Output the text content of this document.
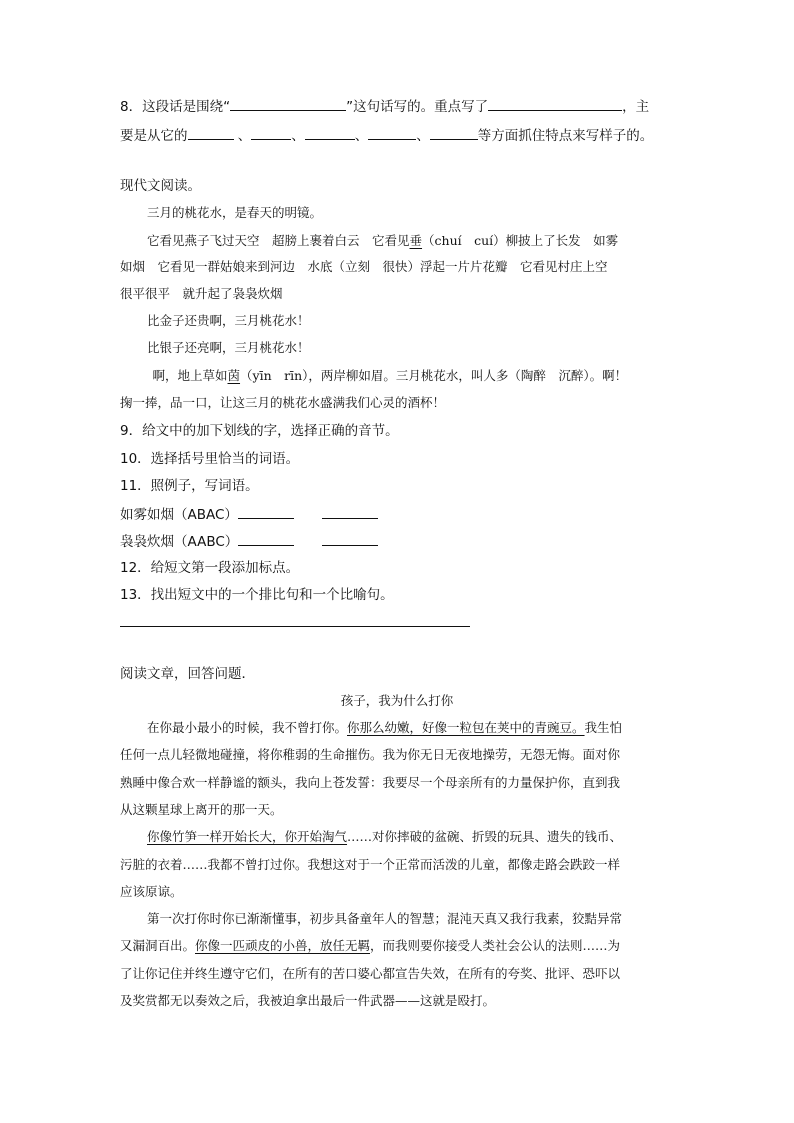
8．这段话是围绕“	”这句话写的。重点写了	，主
要是从它的	、	、	、	、	等方面抓住特点来写样子的。
现代文阅读。
三月的桃花水，是春天的明镜。
它看见燕子飞过天空　超膀上裹着白云　它看见垂（chuí　cuí）柳披上了长发　如雾
如烟　它看见一群姑娘来到河边　水底（立刻　很快）浮起一片片花瓣　它看见村庄上空
很平很平　就升起了袅袅炊烟
比金子还贵啊，三月桃花水！
比银子还亮啊，三月桃花水！
　啊，地上草如茵（yīn　rīn），两岸柳如眉。三月桃花水，叫人多（陶醉　沉醉）。啊！
掬一捧，品一口，让这三月的桃花水盛满我们心灵的酒杯！
9．给文中的加下划线的字，选择正确的音节。
10．选择括号里恰当的词语。
11．照例子，写词语。
如雾如烟（ABAC）
袅袅炊烟（AABC）
12．给短文第一段添加标点。
13．找出短文中的一个排比句和一个比喻句。
阅读文章，回答问题．
孩子，我为什么打你
在你最小最小的时候，我不曾打你。你那么幼嫩，好像一粒包在荚中的青豌豆。我生怕
任何一点儿轻微地碰撞，将你稚弱的生命摧伤。我为你无日无夜地操劳，无怨无悔。面对你
熟睡中像合欢一样静谧的额头，我向上苍发誓：我要尽一个母亲所有的力量保护你，直到我
从这颗星球上离开的那一天。
你像竹笋一样开始长大，你开始淘气……对你摔破的盆碗、折毁的玩具、遗失的钱币、
污脏的衣着……我都不曾打过你。我想这对于一个正常而活泼的儿童，都像走路会跌跤一样
应该原谅。
第一次打你时你已渐渐懂事，初步具备童年人的智慧；混沌天真又我行我素，狡黠异常
又漏洞百出。你像一匹顽皮的小兽，放任无羁，而我则要你接受人类社会公认的法则……为
了让你记住并终生遵守它们，在所有的苦口婆心都宣告失效，在所有的夸奖、批评、恐吓以
及奖赏都无以奏效之后，我被迫拿出最后一件武器——这就是殴打。
